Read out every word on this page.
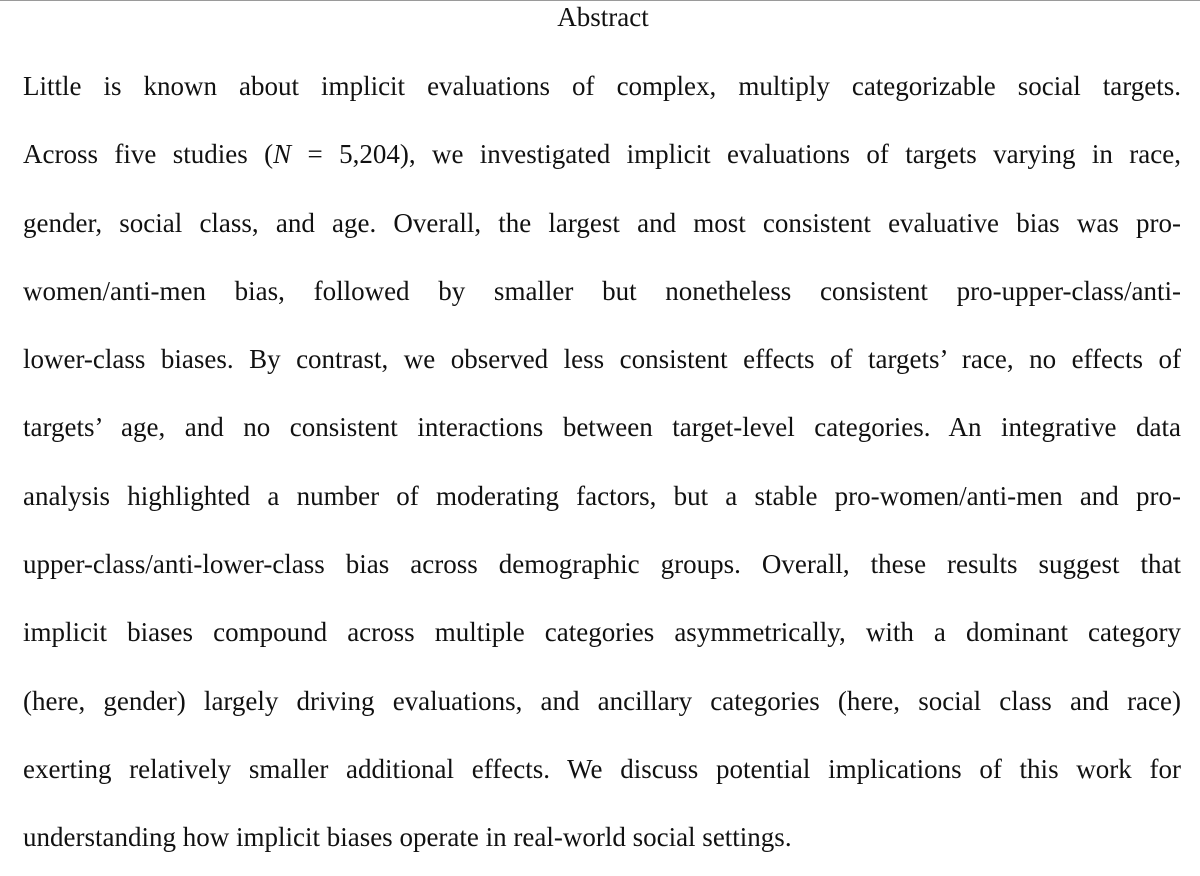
Abstract
Little is known about implicit evaluations of complex, multiply categorizable social targets.
Across five studies (N = 5,204), we investigated implicit evaluations of targets varying in race,
gender, social class, and age. Overall, the largest and most consistent evaluative bias was pro-
women/anti-men bias, followed by smaller but nonetheless consistent pro-upper-class/anti-
lower-class biases. By contrast, we observed less consistent effects of targets’ race, no effects of
targets’ age, and no consistent interactions between target-level categories. An integrative data
analysis highlighted a number of moderating factors, but a stable pro-women/anti-men and pro-
upper-class/anti-lower-class bias across demographic groups. Overall, these results suggest that
implicit biases compound across multiple categories asymmetrically, with a dominant category
(here, gender) largely driving evaluations, and ancillary categories (here, social class and race)
exerting relatively smaller additional effects. We discuss potential implications of this work for
understanding how implicit biases operate in real-world social settings.
